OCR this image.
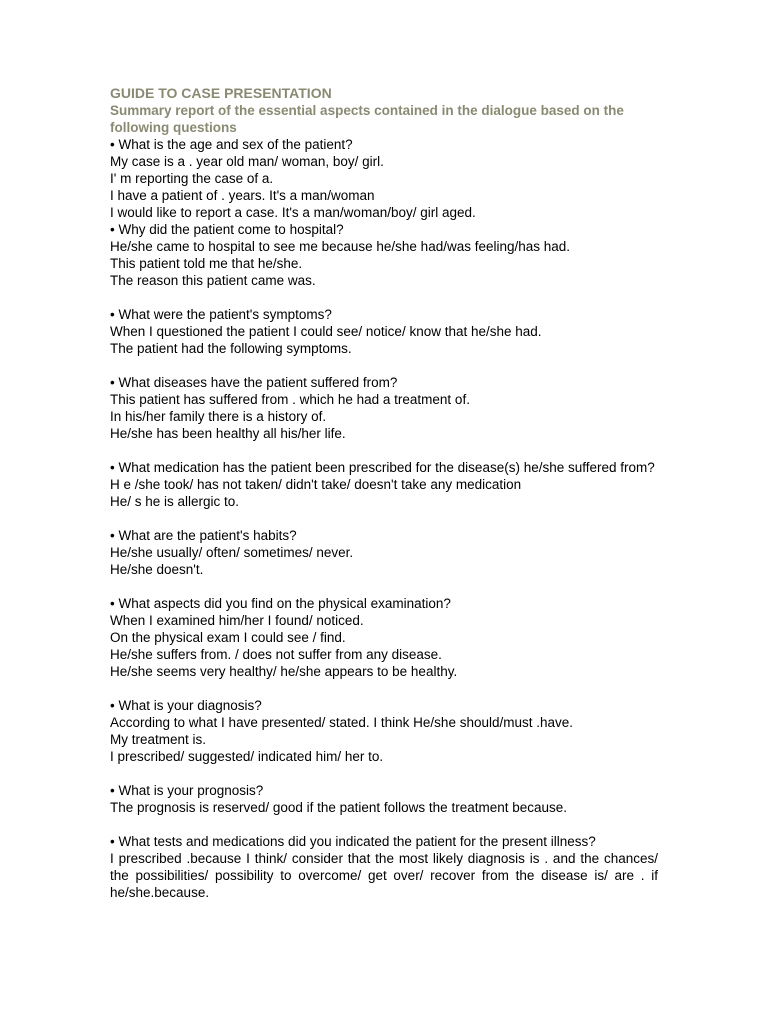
GUIDE TO CASE PRESENTATION
Summary report of the essential aspects contained in the dialogue based on the following questions
• What is the age and sex of the patient?
My case is a . year old man/ woman, boy/ girl.
I' m reporting the case of a.
I have a patient of . years. It's a man/woman
I would like to report a case. It's a man/woman/boy/ girl aged.
• Why did the patient come to hospital?
He/she came to hospital to see me because he/she had/was feeling/has had.
This patient told me that he/she.
The reason this patient came was.
• What were the patient's symptoms?
When I questioned the patient I could see/ notice/ know that he/she had.
The patient had the following symptoms.
• What diseases have the patient suffered from?
This patient has suffered from . which he had a treatment of.
In his/her family there is a history of.
He/she has been healthy all his/her life.
• What medication has the patient been prescribed for the disease(s) he/she suffered from?
H e /she took/ has not taken/ didn't take/ doesn't take any medication
He/ s he is allergic to.
• What are the patient's habits?
He/she usually/ often/ sometimes/ never.
He/she doesn't.
• What aspects did you find on the physical examination?
When I examined him/her I found/ noticed.
On the physical exam I could see / find.
He/she suffers from. / does not suffer from any disease.
He/she seems very healthy/ he/she appears to be healthy.
• What is your diagnosis?
According to what I have presented/ stated. I think He/she should/must .have.
My treatment is.
I prescribed/ suggested/ indicated him/ her to.
• What is your prognosis?
The prognosis is reserved/ good if the patient follows the treatment because.
• What tests and medications did you indicated the patient for the present illness?
I prescribed .because I think/ consider that the most likely diagnosis is . and the chances/ the possibilities/ possibility to overcome/ get over/ recover from the disease is/ are . if he/she.because.
